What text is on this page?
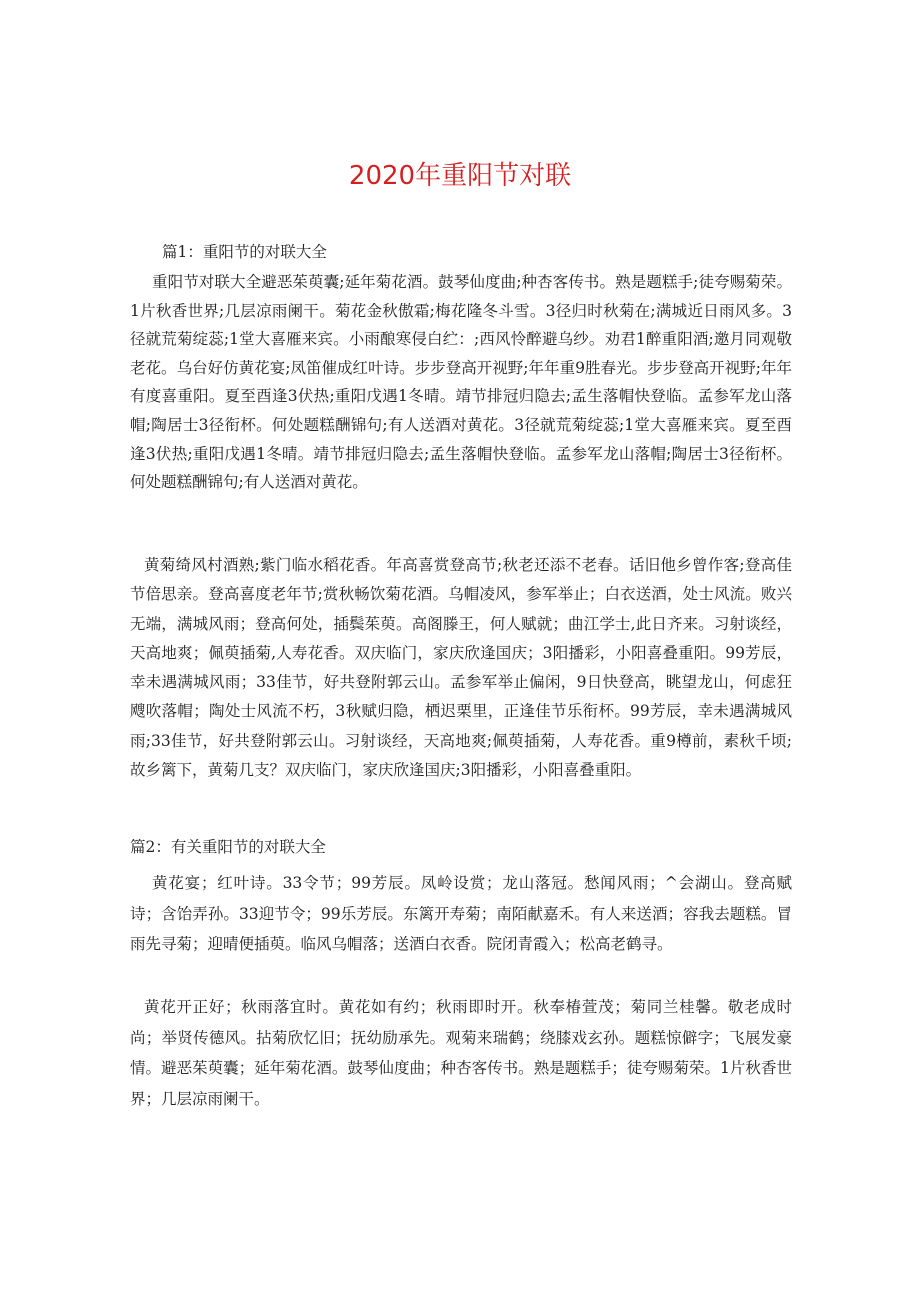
2020年重阳节对联
篇1：重阳节的对联大全
重阳节对联大全避恶茱萸囊;延年菊花酒。鼓琴仙度曲;种杏客传书。熟是题糕手;徒夸赐菊荣。1片秋香世界;几层凉雨阑干。菊花金秋傲霜;梅花隆冬斗雪。3径归时秋菊在;满城近日雨风多。3径就荒菊绽蕊;1堂大喜雁来宾。小雨酿寒侵白纻：;西风怜醉避乌纱。劝君1醉重阳酒;邀月同观敬老花。乌台好仿黄花宴;凤笛催成红叶诗。步步登高开视野;年年重9胜春光。步步登高开视野;年年有度喜重阳。夏至酉逢3伏热;重阳戊遇1冬晴。靖节排冠归隐去;孟生落帽快登临。孟参军龙山落帽;陶居士3径衔杯。何处题糕酬锦句;有人送酒对黄花。3径就荒菊绽蕊;1堂大喜雁来宾。夏至酉逢3伏热;重阳戊遇1冬晴。靖节排冠归隐去;孟生落帽快登临。孟参军龙山落帽;陶居士3径衔杯。何处题糕酬锦句;有人送酒对黄花。
黄菊绮风村酒熟;紫门临水稻花香。年高喜赏登高节;秋老还添不老春。话旧他乡曾作客;登高佳节倍思亲。登高喜度老年节;赏秋畅饮菊花酒。乌帽凌风，参军举止；白衣送酒，处士风流。败兴无端，满城风雨；登高何处，插鬓茱萸。高阁滕王，何人赋就；曲江学士,此日齐来。习射谈经，天高地爽；佩萸插菊,人寿花香。双庆临门，家庆欣逢国庆；3阳播彩，小阳喜叠重阳。99芳辰，幸未遇满城风雨；33佳节，好共登附郭云山。孟参军举止偏闲，9日快登高，眺望龙山，何虑狂飕吹落帽；陶处士风流不朽，3秋赋归隐，栖迟栗里，正逢佳节乐衔杯。99芳辰，幸未遇满城风雨;33佳节，好共登附郭云山。习射谈经，天高地爽;佩萸插菊，人寿花香。重9樽前，素秋千顷;故乡篱下，黄菊几支？双庆临门，家庆欣逢国庆;3阳播彩，小阳喜叠重阳。
篇2：有关重阳节的对联大全
黄花宴；红叶诗。33令节；99芳辰。凤岭设赏；龙山落冠。愁闻风雨；^会湖山。登高赋诗；含饴弄孙。33迎节令；99乐芳辰。东篱开寿菊；南陌献嘉禾。有人来送酒；容我去题糕。冒雨先寻菊；迎晴便插萸。临风乌帽落；送酒白衣香。院闭青霞入；松高老鹤寻。
黄花开正好；秋雨落宜时。黄花如有约；秋雨即时开。秋奉椿萱茂；菊同兰桂馨。敬老成时尚；举贤传德风。拈菊欣忆旧；抚幼励承先。观菊来瑞鹤；绕膝戏玄孙。题糕惊僻字；飞展发豪情。避恶茱萸囊；延年菊花酒。鼓琴仙度曲；种杏客传书。熟是题糕手；徒夸赐菊荣。1片秋香世界；几层凉雨阑干。
